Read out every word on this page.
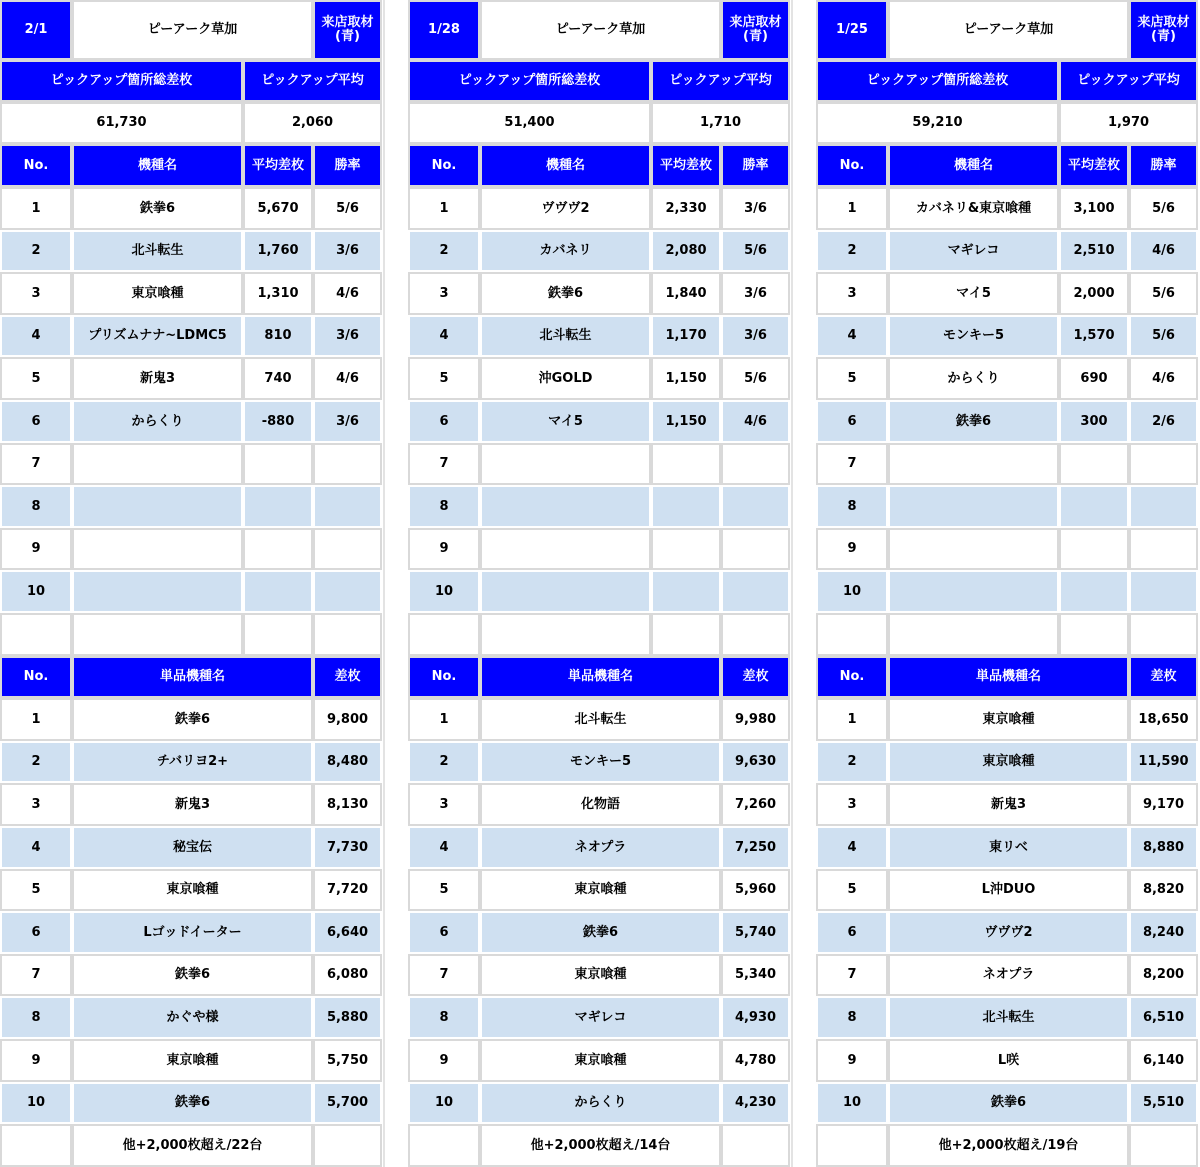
2/1	ピーアーク草加	来店取材
(青)
ピックアップ箇所総差枚	ピックアップ平均
61,730	2,060
No.	機種名	平均差枚	勝率
1	鉄拳6	5,670	5/6
2	北斗転生	1,760	3/6
3	東京喰種	1,310	4/6
4	プリズムナナ~LDMC5	810	3/6
5	新鬼3	740	4/6
6	からくり	-880	3/6
7
8
9
10
No.	単品機種名	差枚
1	鉄拳6	9,800
2	チバリヨ2+	8,480
3	新鬼3	8,130
4	秘宝伝	7,730
5	東京喰種	7,720
6	Lゴッドイーター	6,640
7	鉄拳6	6,080
8	かぐや様	5,880
9	東京喰種	5,750
10	鉄拳6	5,700
他+2,000枚超え/22台
1/28	ピーアーク草加	来店取材
(青)
ピックアップ箇所総差枚	ピックアップ平均
51,400	1,710
No.	機種名	平均差枚	勝率
1	ヴヴヴ2	2,330	3/6
2	カバネリ	2,080	5/6
3	鉄拳6	1,840	3/6
4	北斗転生	1,170	3/6
5	沖GOLD	1,150	5/6
6	マイ5	1,150	4/6
7
8
9
10
No.	単品機種名	差枚
1	北斗転生	9,980
2	モンキー5	9,630
3	化物語	7,260
4	ネオプラ	7,250
5	東京喰種	5,960
6	鉄拳6	5,740
7	東京喰種	5,340
8	マギレコ	4,930
9	東京喰種	4,780
10	からくり	4,230
他+2,000枚超え/14台
1/25	ピーアーク草加	来店取材
(青)
ピックアップ箇所総差枚	ピックアップ平均
59,210	1,970
No.	機種名	平均差枚	勝率
1	カバネリ&東京喰種	3,100	5/6
2	マギレコ	2,510	4/6
3	マイ5	2,000	5/6
4	モンキー5	1,570	5/6
5	からくり	690	4/6
6	鉄拳6	300	2/6
7
8
9
10
No.	単品機種名	差枚
1	東京喰種	18,650
2	東京喰種	11,590
3	新鬼3	9,170
4	東リベ	8,880
5	L沖DUO	8,820
6	ヴヴヴ2	8,240
7	ネオプラ	8,200
8	北斗転生	6,510
9	L咲	6,140
10	鉄拳6	5,510
他+2,000枚超え/19台
